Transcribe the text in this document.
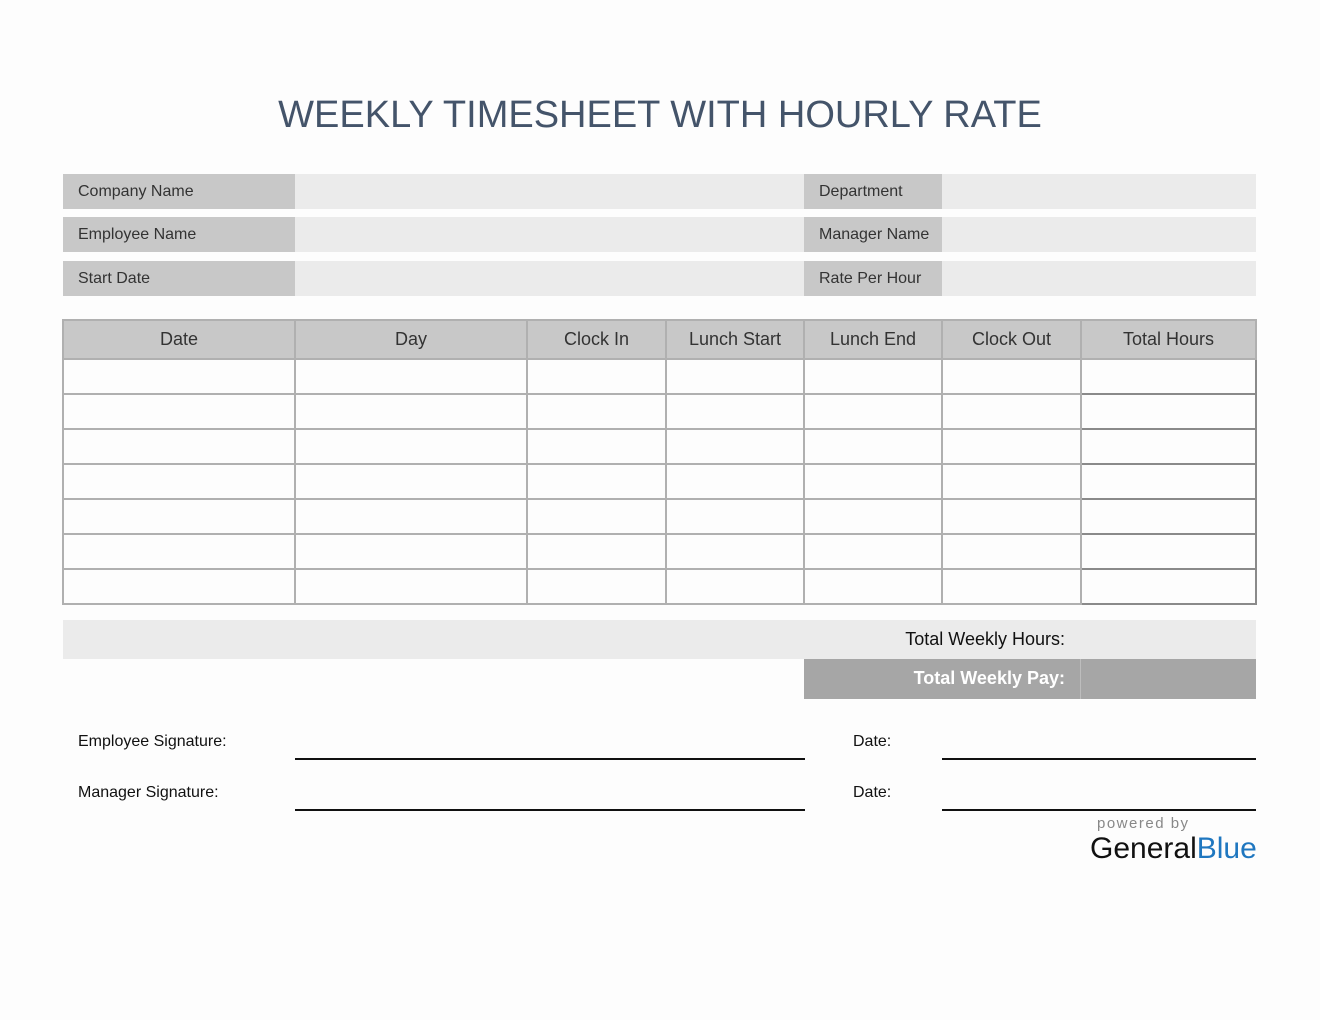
WEEKLY TIMESHEET WITH HOURLY RATE
Company Name	Department
Employee Name	Manager Name
Start Date	Rate Per Hour
Date	Day	Clock In	Lunch Start	Lunch End	Clock Out	Total Hours

Total Weekly Hours:
Total Weekly Pay:
Employee Signature:	Date:
Manager Signature:	Date:
powered by
GeneralBlue
